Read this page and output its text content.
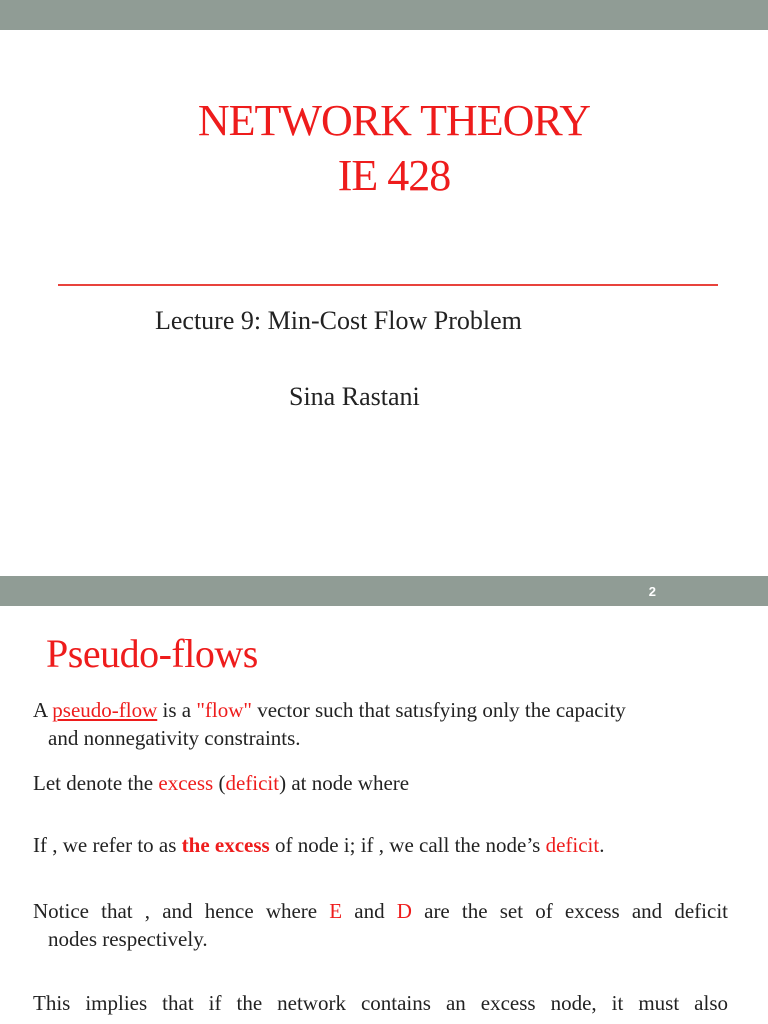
NETWORK THEORY
IE 428
Lecture 9: Min-Cost Flow Problem
Sina Rastani
2
Pseudo-flows
A pseudo-flow is a "flow" vector such that satısfying only the capacity
and nonnegativity constraints.
Let denote the excess (deficit) at node where
If , we refer to as the excess of node i; if , we call the node’s deficit.
Notice that , and hence where E and D are the set of excess and deficit
nodes respectively.
This implies that if the network contains an excess node, it must also
